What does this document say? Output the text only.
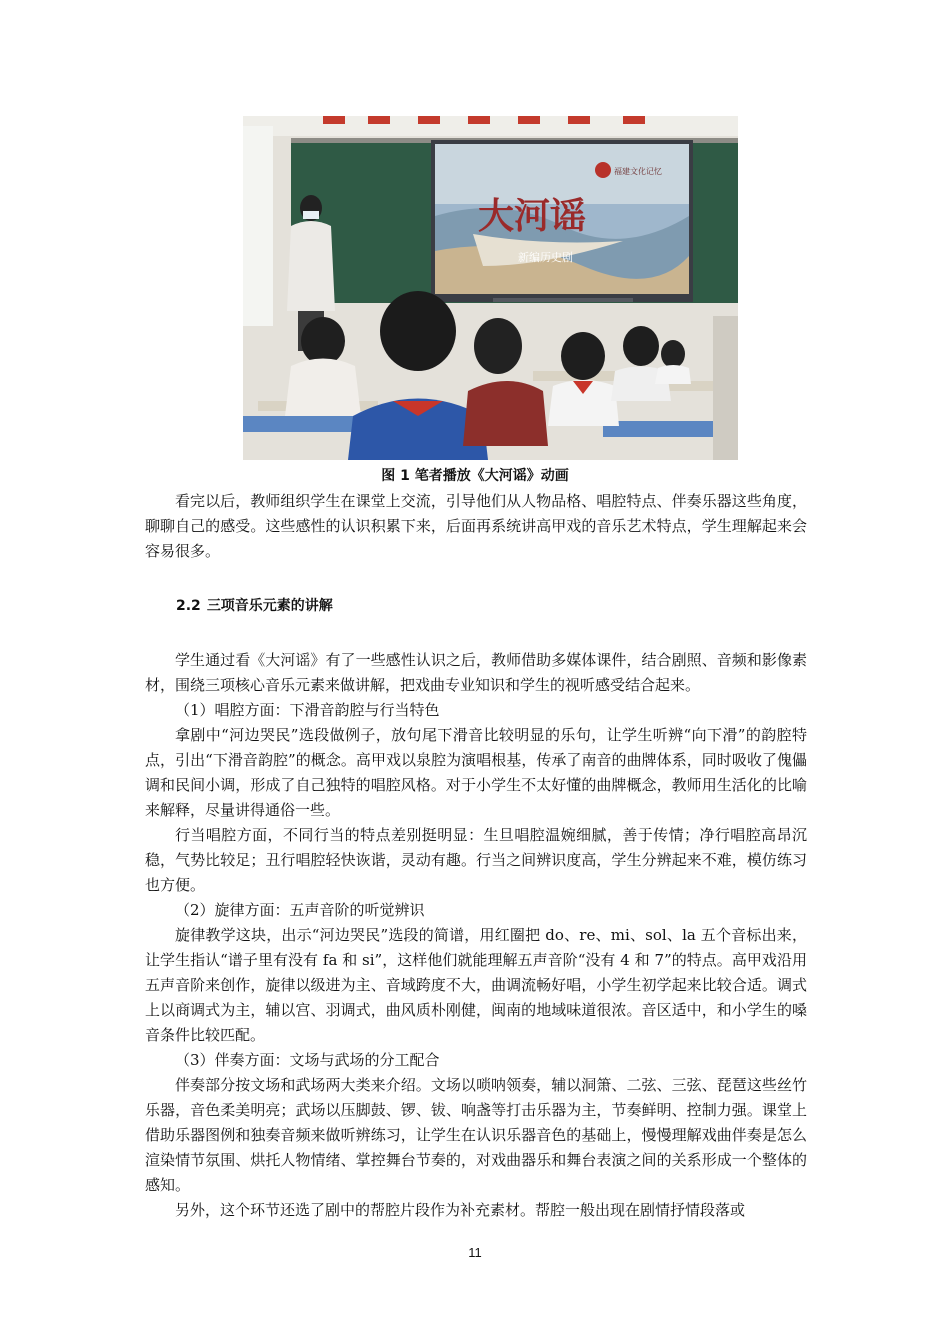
大河谣
新编历史剧
福建文化记忆
图 1 笔者播放《大河谣》动画

看完以后，教师组织学生在课堂上交流，引导他们从人物品格、唱腔特点、伴奏乐器这些角度，聊聊自己的感受。这些感性的认识积累下来，后面再系统讲高甲戏的音乐艺术特点，学生理解起来会容易很多。

2.2 三项音乐元素的讲解

学生通过看《大河谣》有了一些感性认识之后，教师借助多媒体课件，结合剧照、音频和影像素材，围绕三项核心音乐元素来做讲解，把戏曲专业知识和学生的视听感受结合起来。

（1）唱腔方面：下滑音韵腔与行当特色

拿剧中“河边哭民”选段做例子，放句尾下滑音比较明显的乐句，让学生听辨“向下滑”的韵腔特点，引出“下滑音韵腔”的概念。高甲戏以泉腔为演唱根基，传承了南音的曲牌体系，同时吸收了傀儡调和民间小调，形成了自己独特的唱腔风格。对于小学生不太好懂的曲牌概念，教师用生活化的比喻来解释，尽量讲得通俗一些。

行当唱腔方面，不同行当的特点差别挺明显：生旦唱腔温婉细腻，善于传情；净行唱腔高昂沉稳，气势比较足；丑行唱腔轻快诙谐，灵动有趣。行当之间辨识度高，学生分辨起来不难，模仿练习也方便。

（2）旋律方面：五声音阶的听觉辨识

旋律教学这块，出示“河边哭民”选段的简谱，用红圈把 do、re、mi、sol、la 五个音标出来，让学生指认“谱子里有没有 fa 和 si”，这样他们就能理解五声音阶“没有 4 和 7”的特点。高甲戏沿用五声音阶来创作，旋律以级进为主、音域跨度不大，曲调流畅好唱，小学生初学起来比较合适。调式上以商调式为主，辅以宫、羽调式，曲风质朴刚健，闽南的地域味道很浓。音区适中，和小学生的嗓音条件比较匹配。

（3）伴奏方面：文场与武场的分工配合

伴奏部分按文场和武场两大类来介绍。文场以唢呐领奏，辅以洞箫、二弦、三弦、琵琶这些丝竹乐器，音色柔美明亮；武场以压脚鼓、锣、钹、响盏等打击乐器为主，节奏鲜明、控制力强。课堂上借助乐器图例和独奏音频来做听辨练习，让学生在认识乐器音色的基础上，慢慢理解戏曲伴奏是怎么渲染情节氛围、烘托人物情绪、掌控舞台节奏的，对戏曲器乐和舞台表演之间的关系形成一个整体的感知。

另外，这个环节还选了剧中的帮腔片段作为补充素材。帮腔一般出现在剧情抒情段落或

11
